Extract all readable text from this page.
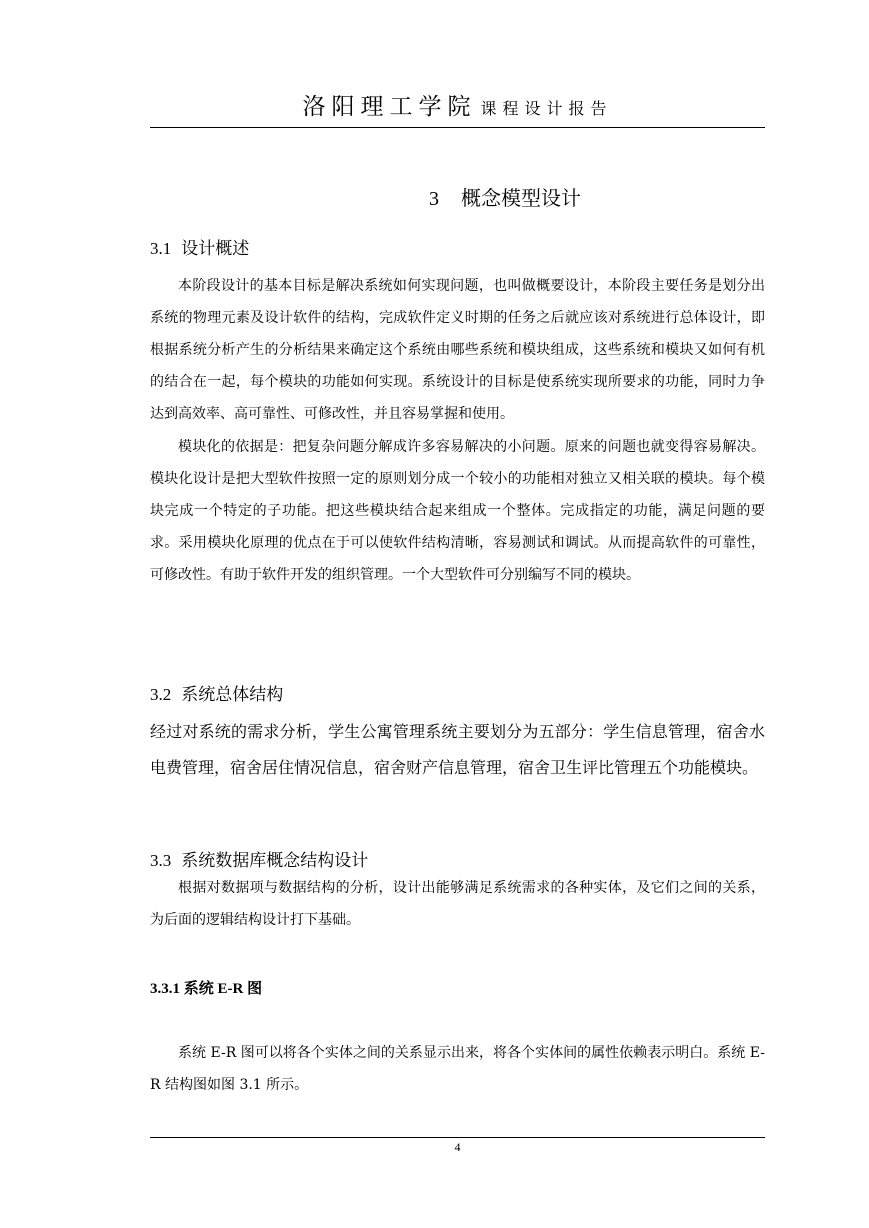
洛阳理工学院 课程设计报告
3 概念模型设计
3.1 设计概述
本阶段设计的基本目标是解决系统如何实现问题，也叫做概要设计，本阶段主要任务是划分出系统的物理元素及设计软件的结构，完成软件定义时期的任务之后就应该对系统进行总体设计，即根据系统分析产生的分析结果来确定这个系统由哪些系统和模块组成，这些系统和模块又如何有机的结合在一起，每个模块的功能如何实现。系统设计的目标是使系统实现所要求的功能，同时力争达到高效率、高可靠性、可修改性，并且容易掌握和使用。
模块化的依据是：把复杂问题分解成许多容易解决的小问题。原来的问题也就变得容易解决。模块化设计是把大型软件按照一定的原则划分成一个较小的功能相对独立又相关联的模块。每个模块完成一个特定的子功能。把这些模块结合起来组成一个整体。完成指定的功能，满足问题的要求。采用模块化原理的优点在于可以使软件结构清晰，容易测试和调试。从而提高软件的可靠性，可修改性。有助于软件开发的组织管理。一个大型软件可分别编写不同的模块。
3.2 系统总体结构
经过对系统的需求分析，学生公寓管理系统主要划分为五部分：学生信息管理，宿舍水电费管理，宿舍居住情况信息，宿舍财产信息管理，宿舍卫生评比管理五个功能模块。
3.3 系统数据库概念结构设计
根据对数据项与数据结构的分析，设计出能够满足系统需求的各种实体，及它们之间的关系，为后面的逻辑结构设计打下基础。
3.3.1 系统 E-R 图
系统 E-R 图可以将各个实体之间的关系显示出来，将各个实体间的属性依赖表示明白。系统 E-R 结构图如图 3.1 所示。
4
